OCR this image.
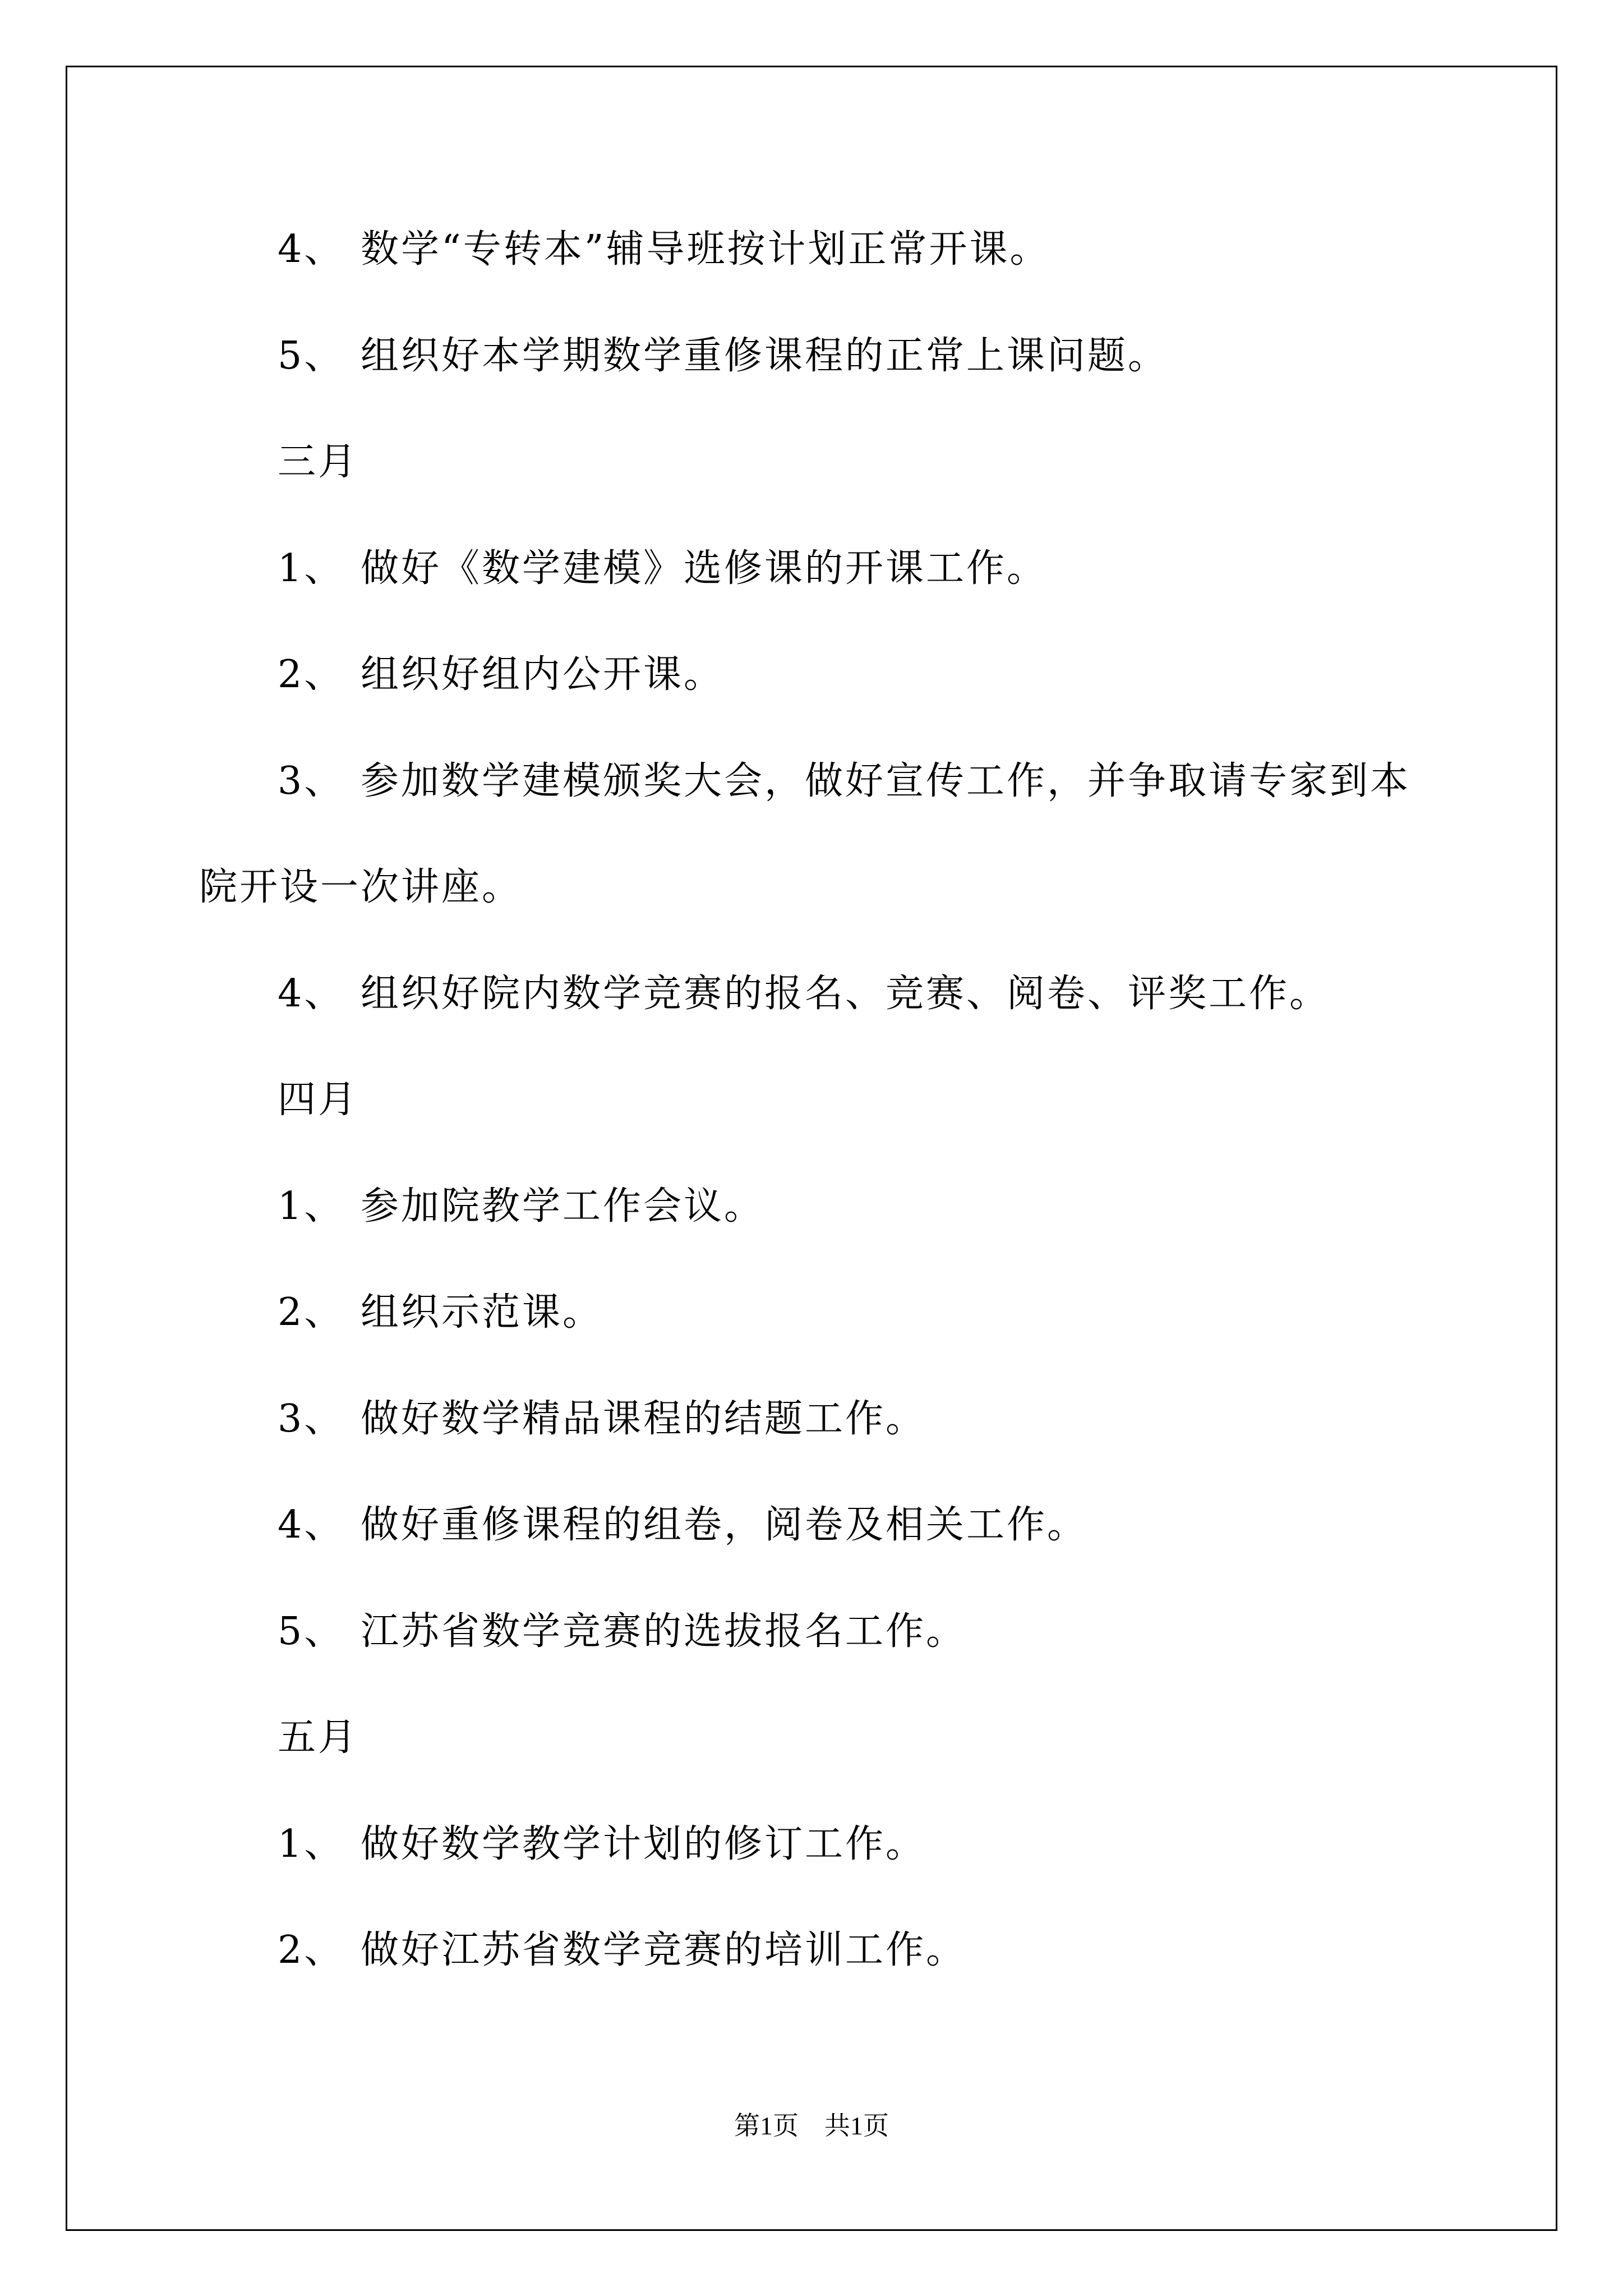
4、 数学“专转本”辅导班按计划正常开课。
5、 组织好本学期数学重修课程的正常上课问题。
三月
1、 做好《数学建模》选修课的开课工作。
2、 组织好组内公开课。
3、 参加数学建模颁奖大会，做好宣传工作，并争取请专家到本
院开设一次讲座。
4、 组织好院内数学竞赛的报名、竞赛、阅卷、评奖工作。
四月
1、 参加院教学工作会议。
2、 组织示范课。
3、 做好数学精品课程的结题工作。
4、 做好重修课程的组卷，阅卷及相关工作。
5、 江苏省数学竞赛的选拔报名工作。
五月
1、 做好数学教学计划的修订工作。
2、 做好江苏省数学竞赛的培训工作。
第1页　共1页
